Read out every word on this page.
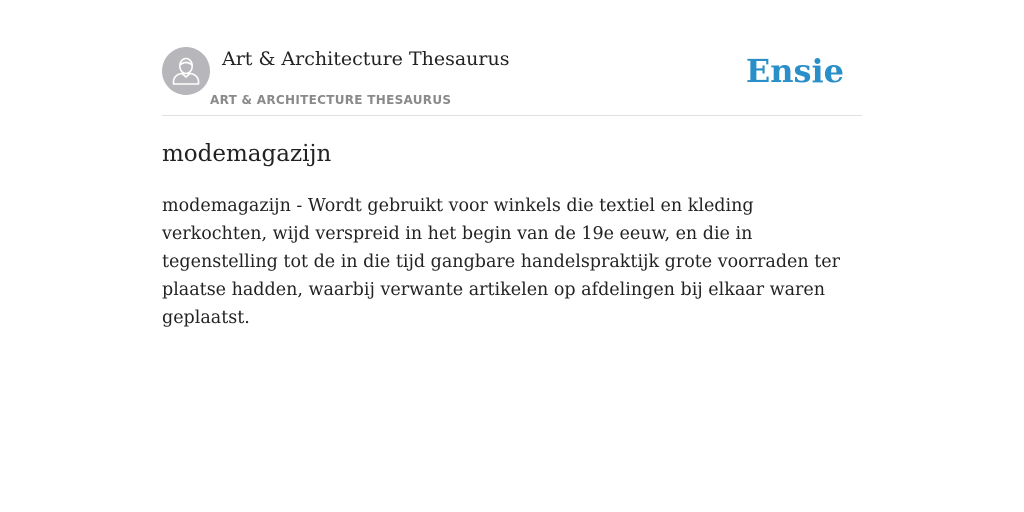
Art & Architecture Thesaurus
ART & ARCHITECTURE THESAURUS
Ensie
modemagazijn

modemagazijn - Wordt gebruikt voor winkels die textiel en kleding verkochten, wijd verspreid in het begin van de 19e eeuw, en die in tegenstelling tot de in die tijd gangbare handelspraktijk grote voorraden ter plaatse hadden, waarbij verwante artikelen op afdelingen bij elkaar waren geplaatst.
